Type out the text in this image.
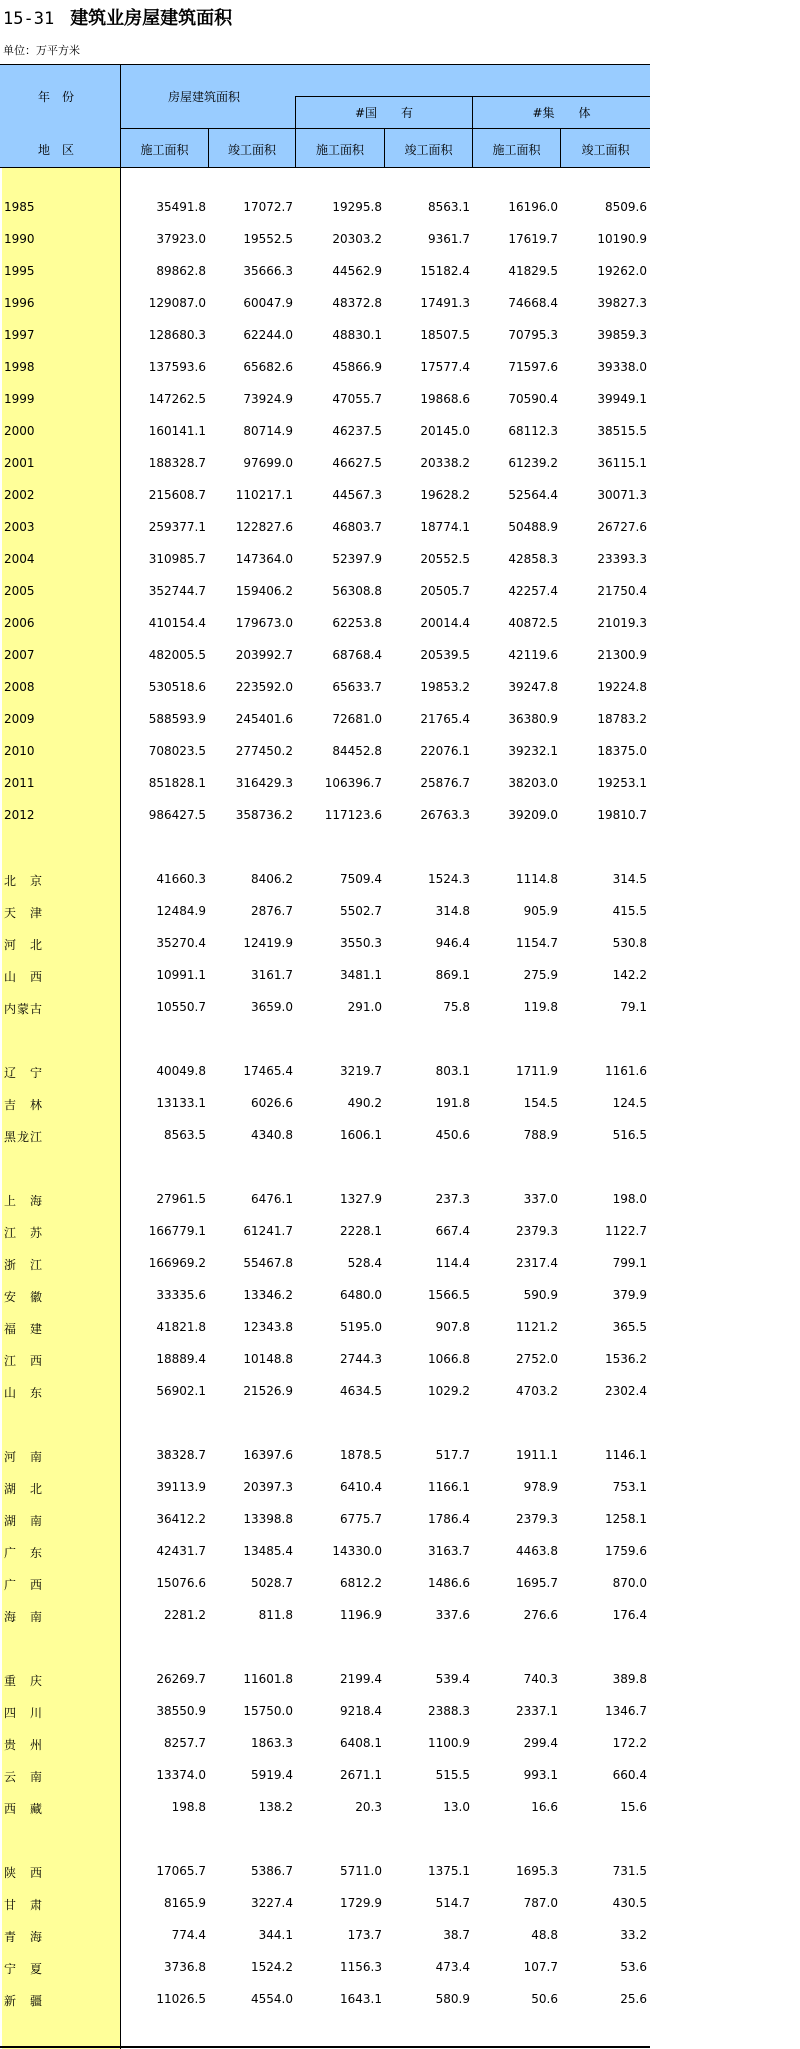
15-31 建筑业房屋建筑面积
单位：万平方米
年　份
地　区
房屋建筑面积
#国　　有	#集　　体
施工面积	竣工面积	施工面积	竣工面积	施工面积	竣工面积
1985	35491.8	17072.7	19295.8	8563.1	16196.0	8509.6
1990	37923.0	19552.5	20303.2	9361.7	17619.7	10190.9
1995	89862.8	35666.3	44562.9	15182.4	41829.5	19262.0
1996	129087.0	60047.9	48372.8	17491.3	74668.4	39827.3
1997	128680.3	62244.0	48830.1	18507.5	70795.3	39859.3
1998	137593.6	65682.6	45866.9	17577.4	71597.6	39338.0
1999	147262.5	73924.9	47055.7	19868.6	70590.4	39949.1
2000	160141.1	80714.9	46237.5	20145.0	68112.3	38515.5
2001	188328.7	97699.0	46627.5	20338.2	61239.2	36115.1
2002	215608.7	110217.1	44567.3	19628.2	52564.4	30071.3
2003	259377.1	122827.6	46803.7	18774.1	50488.9	26727.6
2004	310985.7	147364.0	52397.9	20552.5	42858.3	23393.3
2005	352744.7	159406.2	56308.8	20505.7	42257.4	21750.4
2006	410154.4	179673.0	62253.8	20014.4	40872.5	21019.3
2007	482005.5	203992.7	68768.4	20539.5	42119.6	21300.9
2008	530518.6	223592.0	65633.7	19853.2	39247.8	19224.8
2009	588593.9	245401.6	72681.0	21765.4	36380.9	18783.2
2010	708023.5	277450.2	84452.8	22076.1	39232.1	18375.0
2011	851828.1	316429.3	106396.7	25876.7	38203.0	19253.1
2012	986427.5	358736.2	117123.6	26763.3	39209.0	19810.7
北　京	41660.3	8406.2	7509.4	1524.3	1114.8	314.5
天　津	12484.9	2876.7	5502.7	314.8	905.9	415.5
河　北	35270.4	12419.9	3550.3	946.4	1154.7	530.8
山　西	10991.1	3161.7	3481.1	869.1	275.9	142.2
内蒙古	10550.7	3659.0	291.0	75.8	119.8	79.1
辽　宁	40049.8	17465.4	3219.7	803.1	1711.9	1161.6
吉　林	13133.1	6026.6	490.2	191.8	154.5	124.5
黑龙江	8563.5	4340.8	1606.1	450.6	788.9	516.5
上　海	27961.5	6476.1	1327.9	237.3	337.0	198.0
江　苏	166779.1	61241.7	2228.1	667.4	2379.3	1122.7
浙　江	166969.2	55467.8	528.4	114.4	2317.4	799.1
安　徽	33335.6	13346.2	6480.0	1566.5	590.9	379.9
福　建	41821.8	12343.8	5195.0	907.8	1121.2	365.5
江　西	18889.4	10148.8	2744.3	1066.8	2752.0	1536.2
山　东	56902.1	21526.9	4634.5	1029.2	4703.2	2302.4
河　南	38328.7	16397.6	1878.5	517.7	1911.1	1146.1
湖　北	39113.9	20397.3	6410.4	1166.1	978.9	753.1
湖　南	36412.2	13398.8	6775.7	1786.4	2379.3	1258.1
广　东	42431.7	13485.4	14330.0	3163.7	4463.8	1759.6
广　西	15076.6	5028.7	6812.2	1486.6	1695.7	870.0
海　南	2281.2	811.8	1196.9	337.6	276.6	176.4
重　庆	26269.7	11601.8	2199.4	539.4	740.3	389.8
四　川	38550.9	15750.0	9218.4	2388.3	2337.1	1346.7
贵　州	8257.7	1863.3	6408.1	1100.9	299.4	172.2
云　南	13374.0	5919.4	2671.1	515.5	993.1	660.4
西　藏	198.8	138.2	20.3	13.0	16.6	15.6
陕　西	17065.7	5386.7	5711.0	1375.1	1695.3	731.5
甘　肃	8165.9	3227.4	1729.9	514.7	787.0	430.5
青　海	774.4	344.1	173.7	38.7	48.8	33.2
宁　夏	3736.8	1524.2	1156.3	473.4	107.7	53.6
新　疆	11026.5	4554.0	1643.1	580.9	50.6	25.6
